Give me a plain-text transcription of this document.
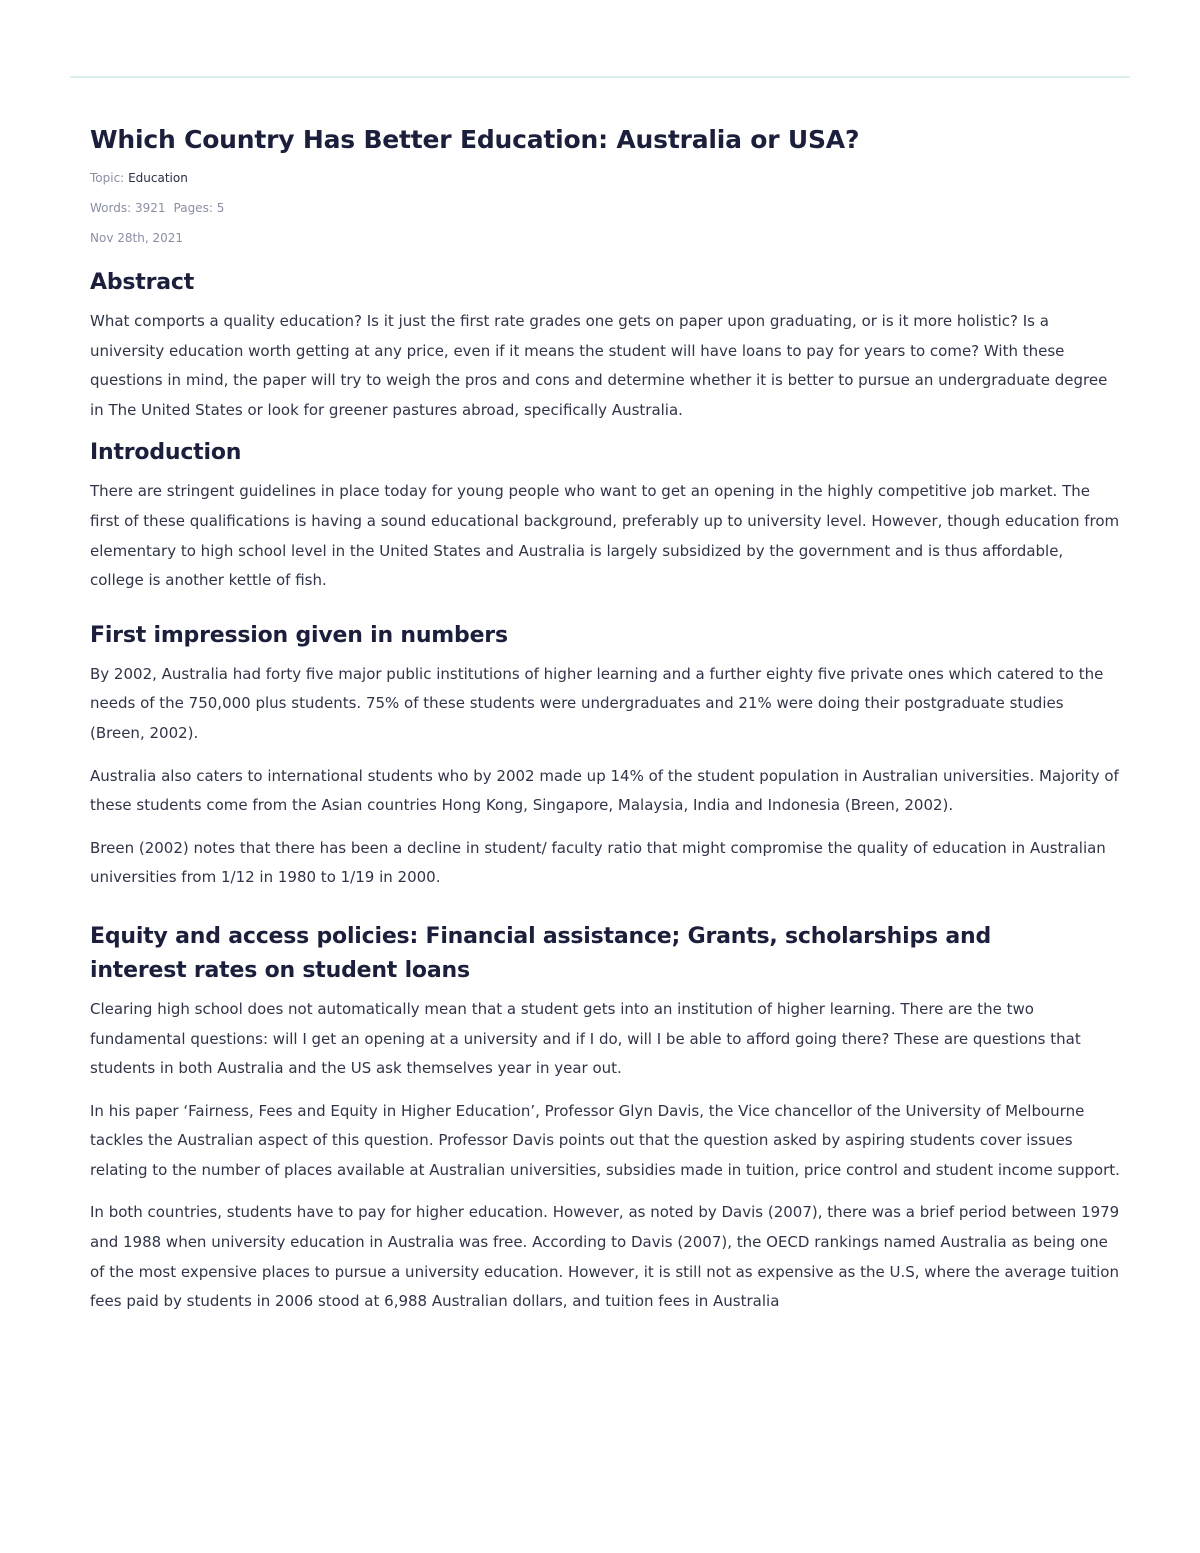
Which Country Has Better Education: Australia or USA?
Topic: Education
Words: 3921 Pages: 5
Nov 28th, 2021
Abstract

What comports a quality education? Is it just the first rate grades one gets on paper upon graduating, or is it more holistic? Is a university education worth getting at any price, even if it means the student will have loans to pay for years to come? With these questions in mind, the paper will try to weigh the pros and cons and determine whether it is better to pursue an undergraduate degree in The United States or look for greener pastures abroad, specifically Australia.

Introduction

There are stringent guidelines in place today for young people who want to get an opening in the highly competitive job market. The first of these qualifications is having a sound educational background, preferably up to university level. However, though education from elementary to high school level in the United States and Australia is largely subsidized by the government and is thus affordable, college is another kettle of fish.

First impression given in numbers

By 2002, Australia had forty five major public institutions of higher learning and a further eighty five private ones which catered to the needs of the 750,000 plus students. 75% of these students were undergraduates and 21% were doing their postgraduate studies (Breen, 2002).

Australia also caters to international students who by 2002 made up 14% of the student population in Australian universities. Majority of these students come from the Asian countries Hong Kong, Singapore, Malaysia, India and Indonesia (Breen, 2002).

Breen (2002) notes that there has been a decline in student/ faculty ratio that might compromise the quality of education in Australian universities from 1/12 in 1980 to 1/19 in 2000.

Equity and access policies: Financial assistance; Grants, scholarships and interest rates on student loans

Clearing high school does not automatically mean that a student gets into an institution of higher learning. There are the two fundamental questions: will I get an opening at a university and if I do, will I be able to afford going there? These are questions that students in both Australia and the US ask themselves year in year out.

In his paper ‘Fairness, Fees and Equity in Higher Education’, Professor Glyn Davis, the Vice chancellor of the University of Melbourne tackles the Australian aspect of this question. Professor Davis points out that the question asked by aspiring students cover issues relating to the number of places available at Australian universities, subsidies made in tuition, price control and student income support.

In both countries, students have to pay for higher education. However, as noted by Davis (2007), there was a brief period between 1979 and 1988 when university education in Australia was free. According to Davis (2007), the OECD rankings named Australia as being one of the most expensive places to pursue a university education. However, it is still not as expensive as the U.S, where the average tuition fees paid by students in 2006 stood at 6,988 Australian dollars, and tuition fees in Australia
